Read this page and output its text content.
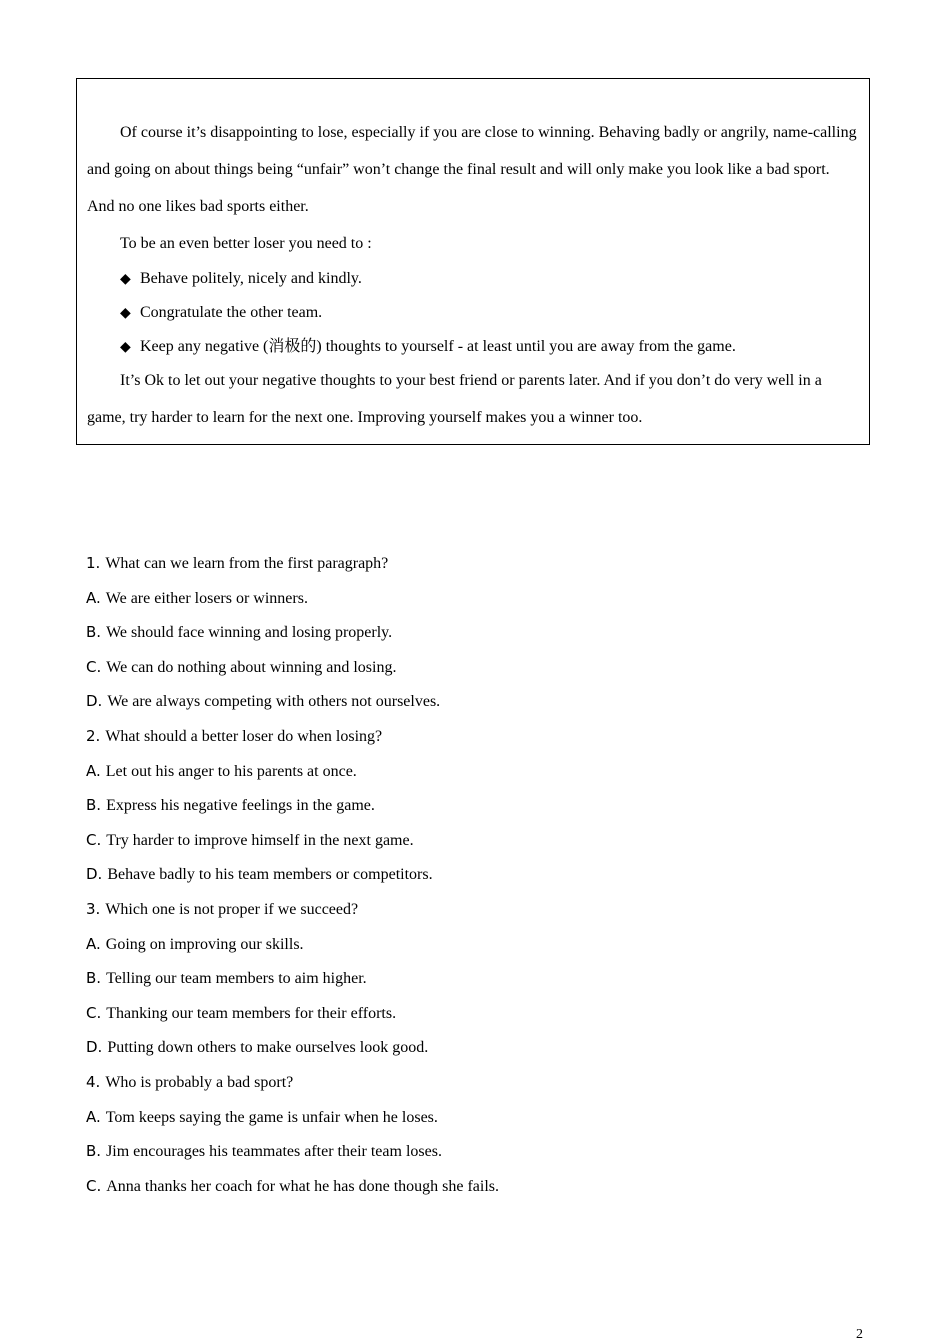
Of course it’s disappointing to lose, especially if you are close to winning. Behaving badly or angrily, name-calling and going on about things being “unfair” won’t change the final result and will only make you look like a bad sport. And no one likes bad sports either.

To be an even better loser you need to :

◆ Behave politely, nicely and kindly.

◆ Congratulate the other team.

◆ Keep any negative (消极的) thoughts to yourself - at least until you are away from the game.

It’s Ok to let out your negative thoughts to your best friend or parents later. And if you don’t do very well in a game, try harder to learn for the next one. Improving yourself makes you a winner too.

1. What can we learn from the first paragraph?
A. We are either losers or winners.
B. We should face winning and losing properly.
C. We can do nothing about winning and losing.
D. We are always competing with others not ourselves.
2. What should a better loser do when losing?
A. Let out his anger to his parents at once.
B. Express his negative feelings in the game.
C. Try harder to improve himself in the next game.
D. Behave badly to his team members or competitors.
3. Which one is not proper if we succeed?
A. Going on improving our skills.
B. Telling our team members to aim higher.
C. Thanking our team members for their efforts.
D. Putting down others to make ourselves look good.
4. Who is probably a bad sport?
A. Tom keeps saying the game is unfair when he loses.
B. Jim encourages his teammates after their team loses.
C. Anna thanks her coach for what he has done though she fails.
2
